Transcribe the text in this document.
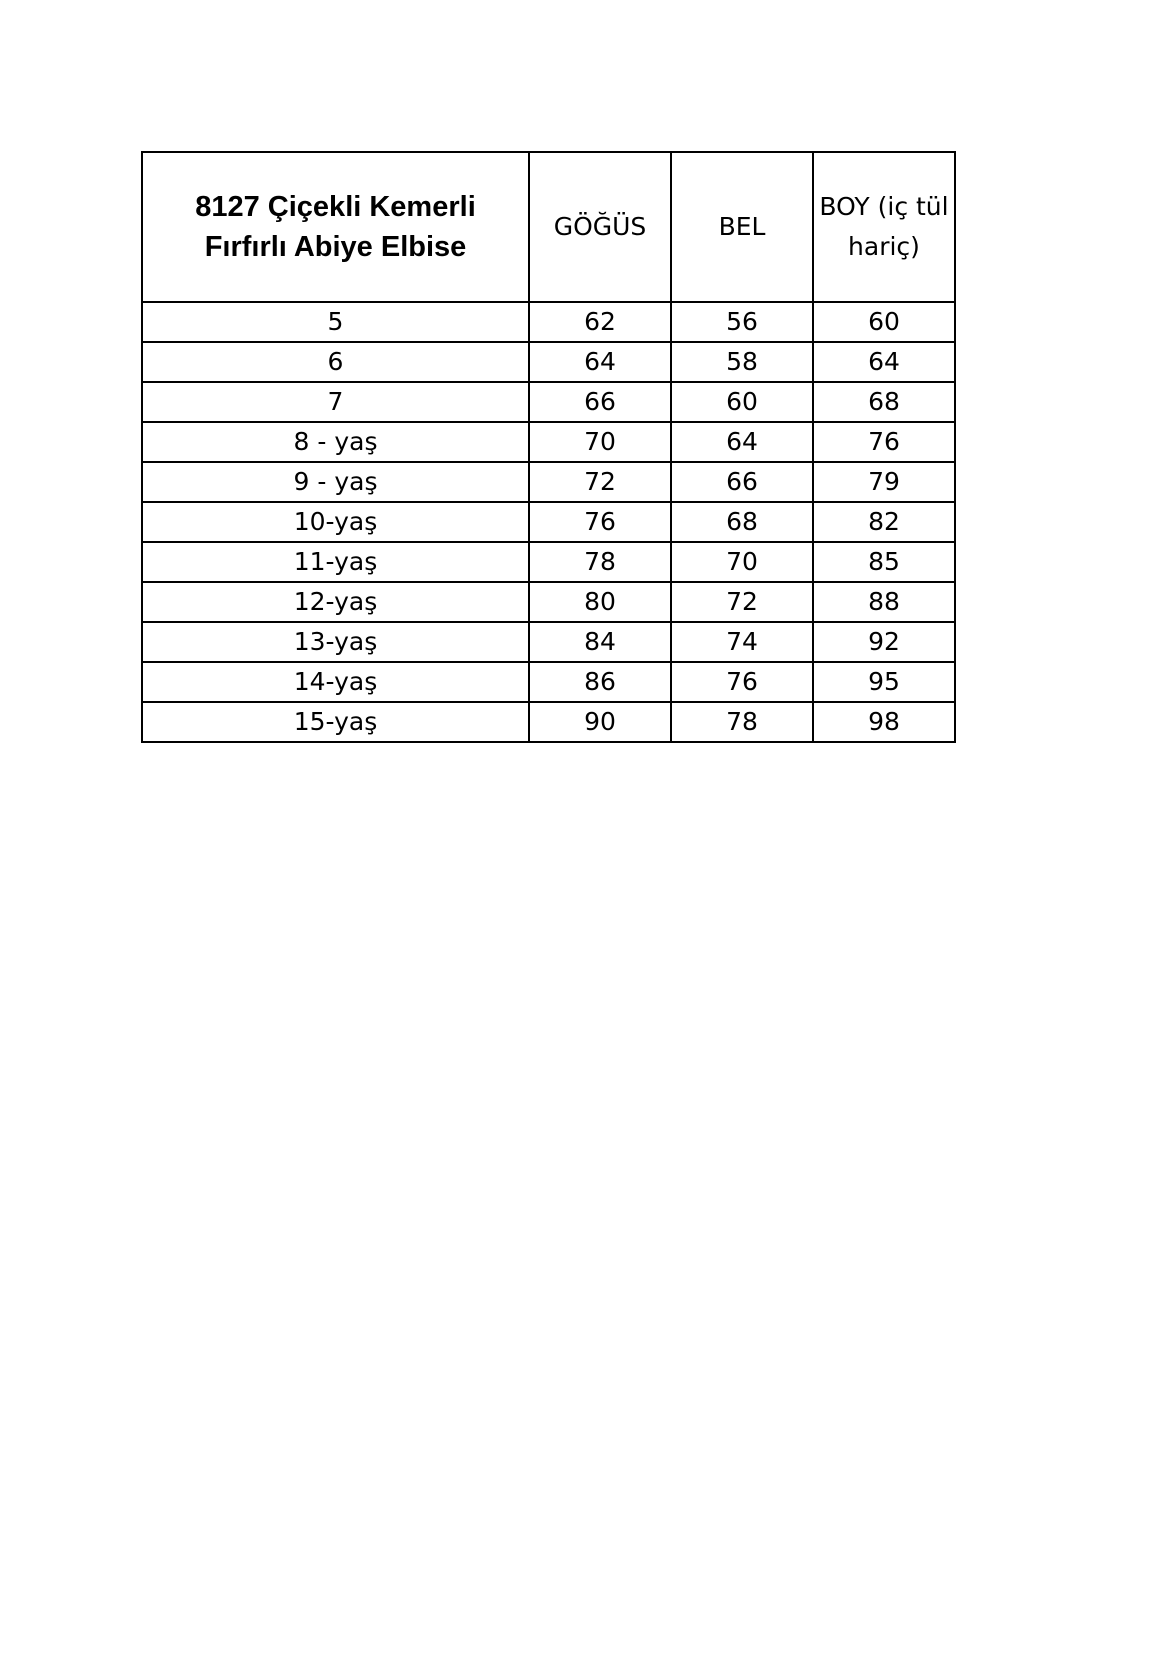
8127 Çiçekli Kemerli
Fırfırlı Abiye Elbise	GÖĞÜS	BEL	BOY (iç tül
hariç)

5	62	56	60
6	64	58	64
7	66	60	68
8 - yaş	70	64	76
9 - yaş	72	66	79
10-yaş	76	68	82
11-yaş	78	70	85
12-yaş	80	72	88
13-yaş	84	74	92
14-yaş	86	76	95
15-yaş	90	78	98
